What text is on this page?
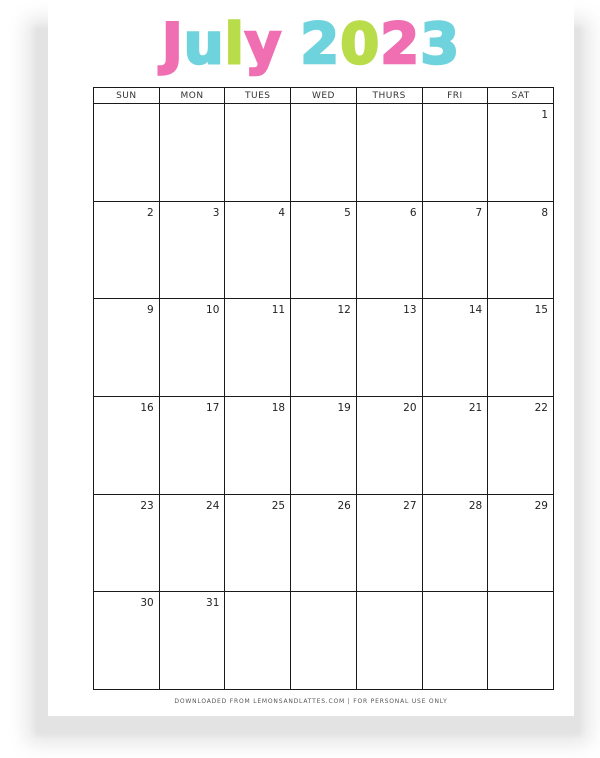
July 2023
SUN	MON	TUES	WED	THURS	FRI	SAT

						1

2	3	4	5	6	7	8

9	10	11	12	13	14	15

16	17	18	19	20	21	22

23	24	25	26	27	28	29

30	31					

DOWNLOADED FROM LEMONSANDLATTES.COM | FOR PERSONAL USE ONLY
